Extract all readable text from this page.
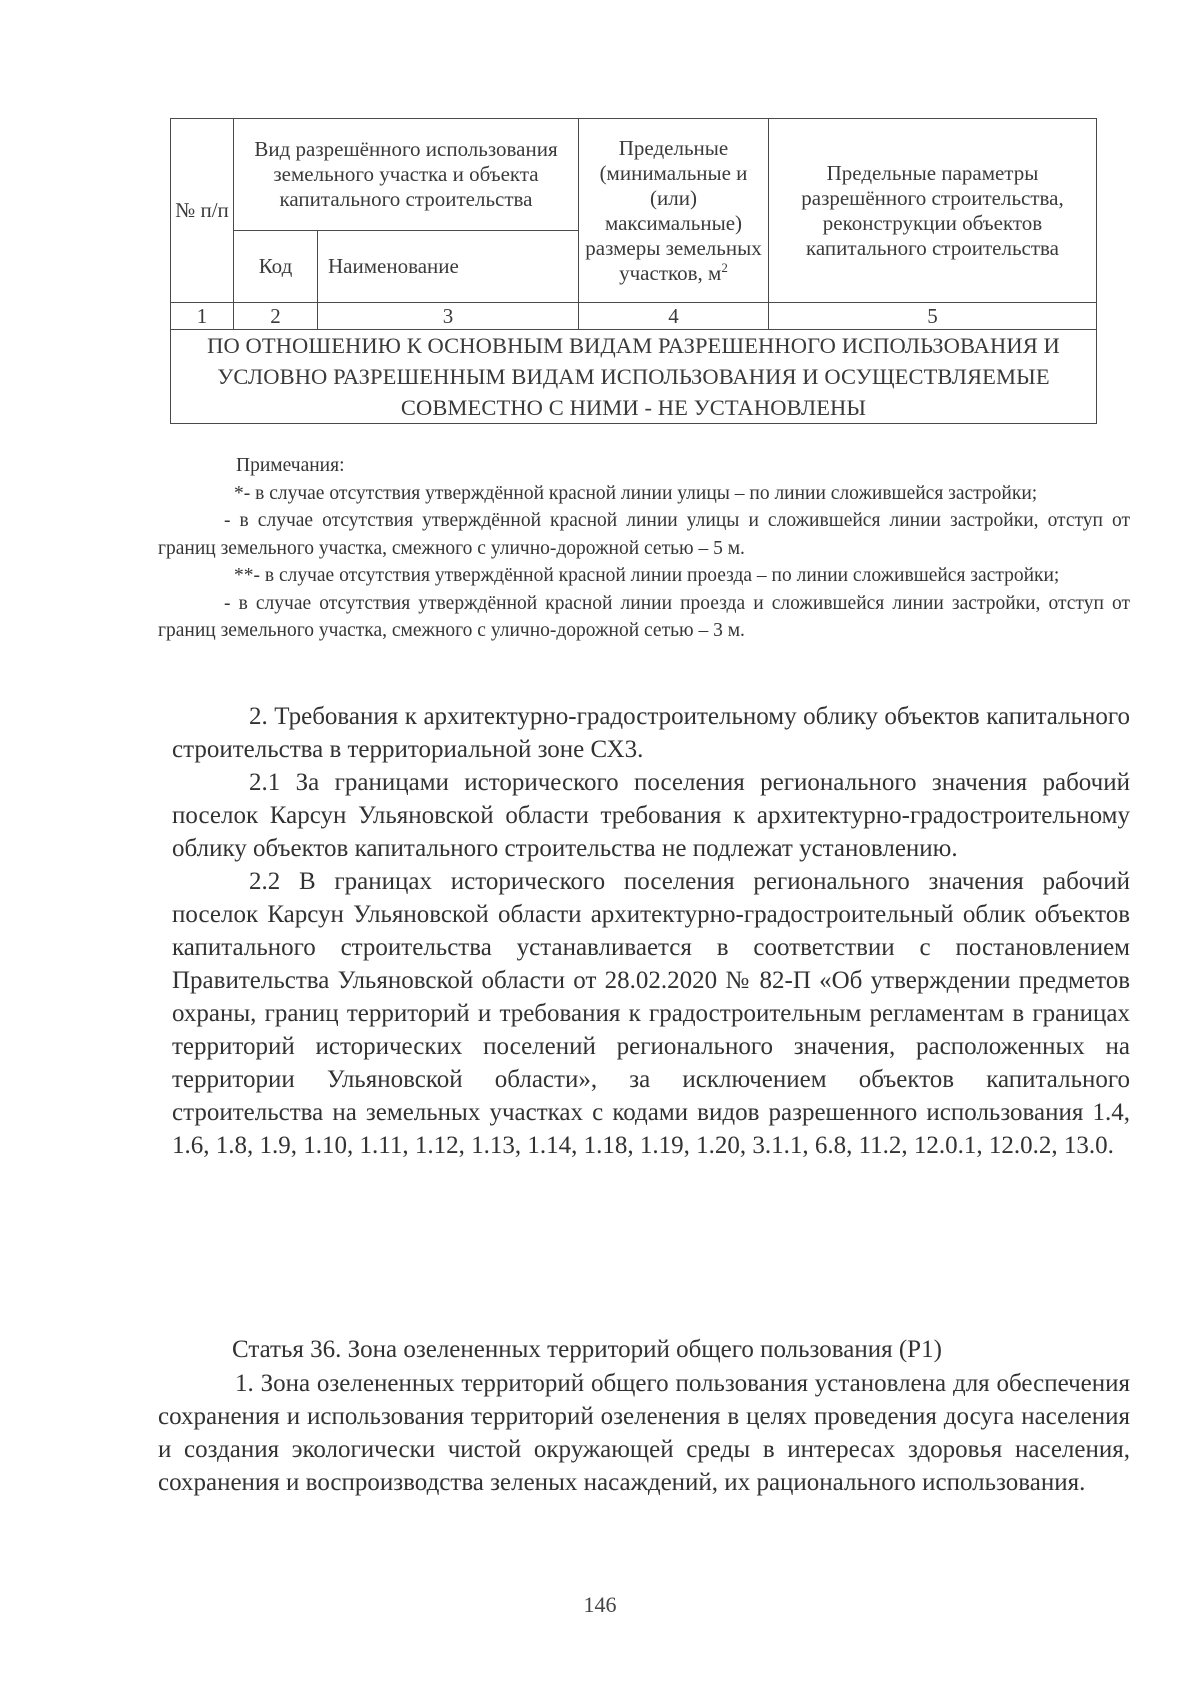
№ п/п	Вид разрешённого использования земельного участка и объекта капитального строительства		Предельные (минимальные и (или) максимальные) размеры земельных участков, $м^2$	Предельные параметры разрешённого строительства, реконструкции объектов капитального строительства
	Код	Наименование		
1	2	3	4	5
ПО ОТНОШЕНИЮ К ОСНОВНЫМ ВИДАМ РАЗРЕШЕННОГО ИСПОЛЬЗОВАНИЯ И УСЛОВНО РАЗРЕШЕННЫМ ВИДАМ ИСПОЛЬЗОВАНИЯ И ОСУЩЕСТВЛЯЕМЫЕ СОВМЕСТНО С НИМИ - НЕ УСТАНОВЛЕНЫ				
Примечания:

*- в случае отсутствия утверждённой красной линии улицы – по линии сложившейся застройки;

- в случае отсутствия утверждённой красной линии улицы и сложившейся линии застройки, отступ от границ земельного участка, смежного с улично-дорожной сетью – 5 м.

**- в случае отсутствия утверждённой красной линии проезда – по линии сложившейся застройки;

- в случае отсутствия утверждённой красной линии проезда и сложившейся линии застройки, отступ от границ земельного участка, смежного с улично-дорожной сетью – 3 м.

2. Требования к архитектурно-градостроительному облику объектов капитального строительства в территориальной зоне СХ3.

2.1 За границами исторического поселения регионального значения рабочий поселок Карсун Ульяновской области требования к архитектурно-градостроительному облику объектов капитального строительства не подлежат установлению.

2.2 В границах исторического поселения регионального значения рабочий поселок Карсун Ульяновской области архитектурно-градостроительный облик объектов капитального строительства устанавливается в соответствии с постановлением Правительства Ульяновской области от 28.02.2020 № 82-П «Об утверждении предметов охраны, границ территорий и требования к градостроительным регламентам в границах территорий исторических поселений регионального значения, расположенных на территории Ульяновской области», за исключением объектов капитального строительства на земельных участках с кодами видов разрешенного использования 1.4, 1.6, 1.8, 1.9, 1.10, 1.11, 1.12, 1.13, 1.14, 1.18, 1.19, 1.20, 3.1.1, 6.8, 11.2, 12.0.1, 12.0.2, 13.0.

Статья 36. Зона озелененных территорий общего пользования (Р1)

1. Зона озелененных территорий общего пользования установлена для обеспечения сохранения и использования территорий озеленения в целях проведения досуга населения и создания экологически чистой окружающей среды в интересах здоровья населения, сохранения и воспроизводства зеленых насаждений, их рационального использования.

146
